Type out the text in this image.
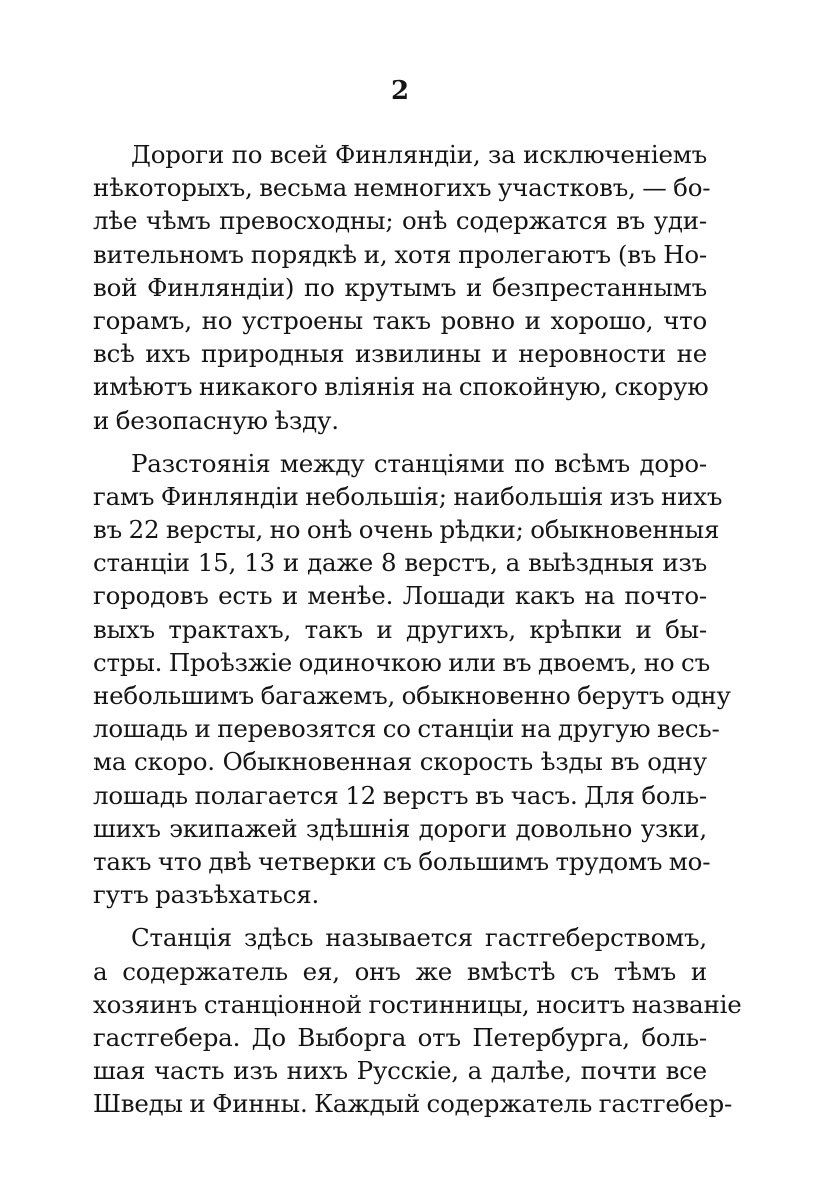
2

Дороги по всей Финляндіи, за исключеніемъ
нѣкоторыхъ, весьма немногихъ участковъ, — бо-
лѣе чѣмъ превосходны; онѣ содержатся въ уди-
вительномъ порядкѣ и, хотя пролегаютъ (въ Но-
вой Финляндіи) по крутымъ и безпрестаннымъ
горамъ, но устроены такъ ровно и хорошо, что
всѣ ихъ природныя извилины и неровности не
имѣютъ никакого вліянія на спокойную, скорую
и безопасную ѣзду.

Разстоянія между станціями по всѣмъ доро-
гамъ Финляндіи небольшія; наибольшія изъ нихъ
въ 22 версты, но онѣ очень рѣдки; обыкновенныя
станціи 15, 13 и даже 8 верстъ, а выѣздныя изъ
городовъ есть и менѣе. Лошади какъ на почто-
выхъ трактахъ, такъ и другихъ, крѣпки и бы-
стры. Проѣзжіе одиночкою или въ двоемъ, но съ
небольшимъ багажемъ, обыкновенно берутъ одну
лошадь и перевозятся со станціи на другую весь-
ма скоро. Обыкновенная скорость ѣзды въ одну
лошадь полагается 12 верстъ въ часъ. Для боль-
шихъ экипажей здѣшнія дороги довольно узки,
такъ что двѣ четверки съ большимъ трудомъ мо-
гутъ разъѣхаться.

Станція здѣсь называется гастгеберствомъ,
а содержатель ея, онъ же вмѣстѣ съ тѣмъ и
хозяинъ станціонной гостинницы, носитъ названіе
гастгебера. До Выборга отъ Петербурга, боль-
шая часть изъ нихъ Русскіе, а далѣе, почти все
Шведы и Финны. Каждый содержатель гастгебер-
